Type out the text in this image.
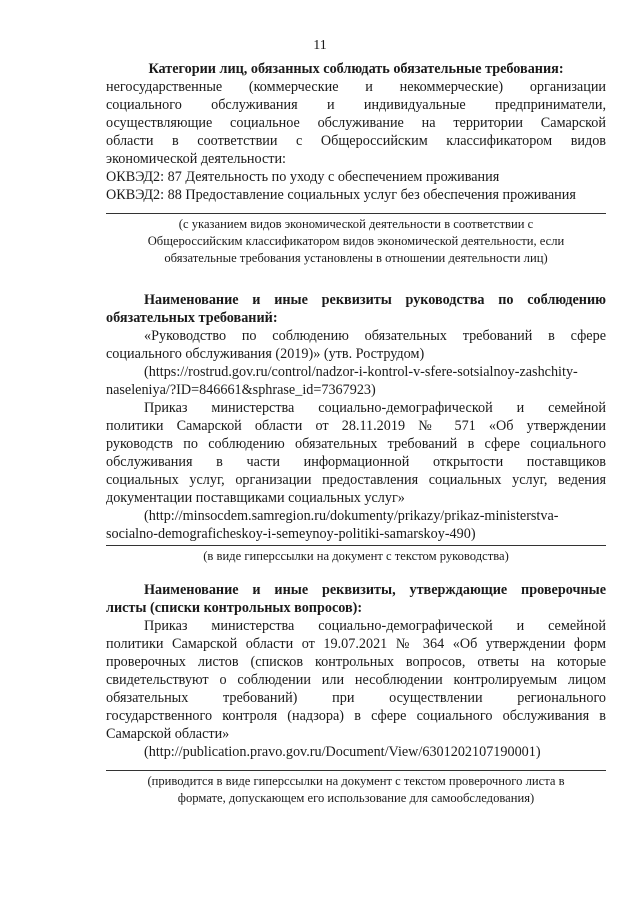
11
Категории лиц, обязанных соблюдать обязательные требования:
негосударственные (коммерческие и некоммерческие) организации
социального обслуживания и индивидуальные предприниматели,
осуществляющие социальное обслуживание на территории Самарской
области в соответствии с Общероссийским классификатором видов
экономической деятельности:
ОКВЭД2: 87 Деятельность по уходу с обеспечением проживания
ОКВЭД2: 88 Предоставление социальных услуг без обеспечения проживания
(с указанием видов экономической деятельности в соответствии с
Общероссийским классификатором видов экономической деятельности, если
обязательные требования установлены в отношении деятельности лиц)
Наименование и иные реквизиты руководства по соблюдению
обязательных требований:
«Руководство по соблюдению обязательных требований в сфере
социального обслуживания (2019)» (утв. Рострудом)
(https://rostrud.gov.ru/control/nadzor-i-kontrol-v-sfere-sotsialnoy-zashchity-
naseleniya/?ID=846661&sphrase_id=7367923)
Приказ министерства социально-демографической и семейной
политики Самарской области от 28.11.2019 № 571 «Об утверждении
руководств по соблюдению обязательных требований в сфере социального
обслуживания в части информационной открытости поставщиков
социальных услуг, организации предоставления социальных услуг, ведения
документации поставщиками социальных услуг»
(http://minsocdem.samregion.ru/dokumenty/prikazy/prikaz-ministerstva-
socialno-demograficheskoy-i-semeynoy-politiki-samarskoy-490)
(в виде гиперссылки на документ с текстом руководства)
Наименование и иные реквизиты, утверждающие проверочные
листы (списки контрольных вопросов):
Приказ министерства социально-демографической и семейной
политики Самарской области от 19.07.2021 № 364 «Об утверждении форм
проверочных листов (списков контрольных вопросов, ответы на которые
свидетельствуют о соблюдении или несоблюдении контролируемым лицом
обязательных требований) при осуществлении регионального
государственного контроля (надзора) в сфере социального обслуживания в
Самарской области»
(http://publication.pravo.gov.ru/Document/View/6301202107190001)
(приводится в виде гиперссылки на документ с текстом проверочного листа в
формате, допускающем его использование для самообследования)
